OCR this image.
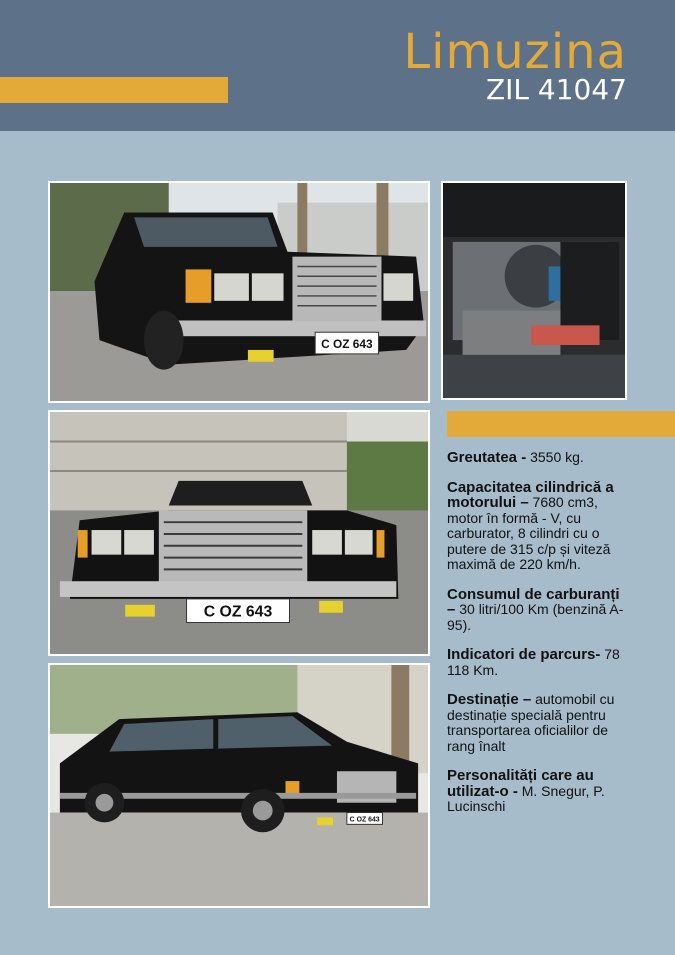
Limuzina
ZIL 41047
C OZ 643
C OZ 643
C OZ 643

Greutatea - 3550 kg.

Capacitatea cilindrică a motorului – 7680 cm3, motor în formă - V, cu carburator, 8 cilindri cu o putere de 315 c/p și viteză maximă de 220 km/h.

Consumul de carburanți – 30 litri/100 Km (benzină A-95).

Indicatori de parcurs- 78 118 Km.

Destinație – automobil cu destinație specială pentru transportarea oficialilor de rang înalt

Personalități care au utilizat-o - M. Snegur, P. Lucinschi
